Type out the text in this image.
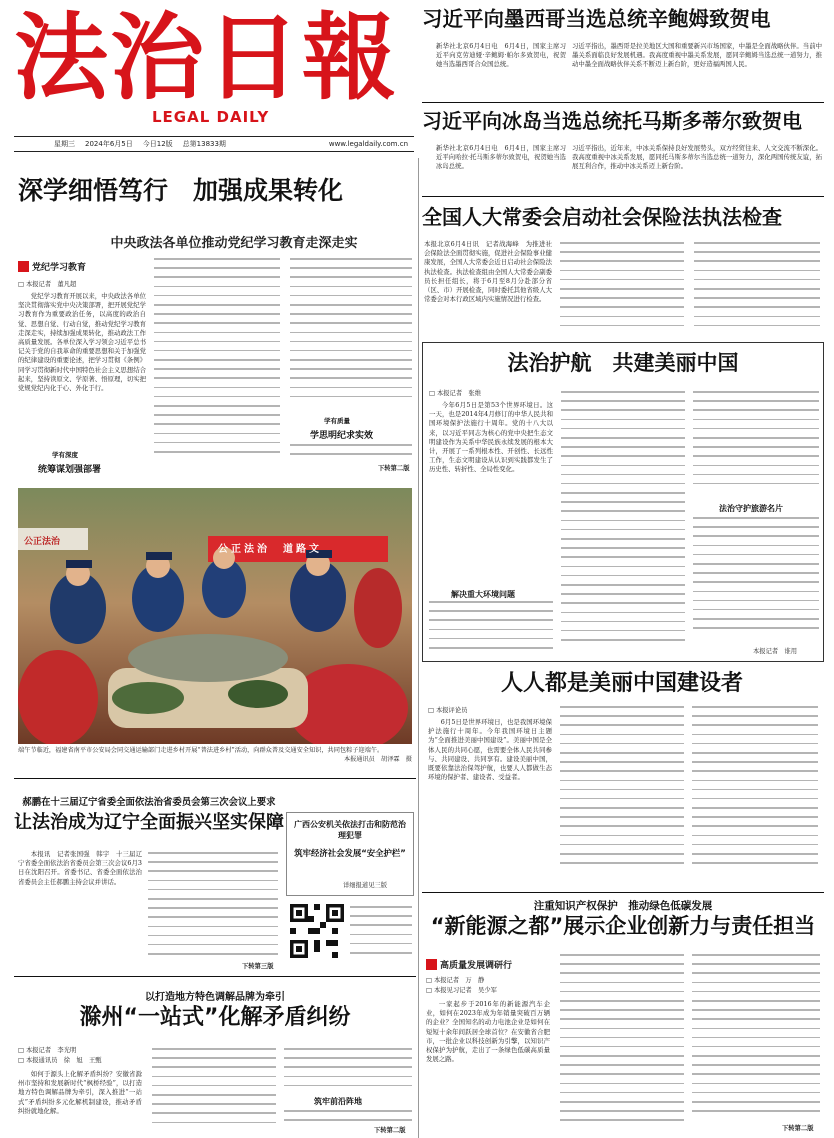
法治日報
LEGAL DAILY
星期三 2024年6月5日 今日12版 总第13833期	www.legaldaily.com.cn
习近平向墨西哥当选总统辛鲍姆致贺电
新华社北京6月4日电　6月4日，国家主席习近平向克劳迪娅·辛鲍姆·帕尔多致贺电，祝贺她当选墨西哥合众国总统。
习近平指出，墨西哥是拉美地区大国和重要新兴市场国家，中墨是全面战略伙伴。当前中墨关系面临良好发展机遇。我高度重视中墨关系发展，愿同辛鲍姆当选总统一道努力，推动中墨全面战略伙伴关系不断迈上新台阶，更好造福两国人民。
习近平向冰岛当选总统托马斯多蒂尔致贺电
新华社北京6月4日电　6月4日，国家主席习近平向哈拉·托马斯多蒂尔致贺电，祝贺她当选冰岛总统。
习近平指出，近年来，中冰关系保持良好发展势头，双方经贸往来、人文交流不断深化。我高度重视中冰关系发展，愿同托马斯多蒂尔当选总统一道努力，深化两国传统友谊，拓展互利合作，推动中冰关系迈上新台阶。
深学细悟笃行　加强成果转化
中央政法各单位推动党纪学习教育走深走实
党纪学习教育
□ 本报记者　董凡超

党纪学习教育开展以来，中央政法各单位坚决贯彻落实党中央决策部署，把开展党纪学习教育作为重要政治任务，以高度的政治自觉、思想自觉、行动自觉，推动党纪学习教育走深走实，持续加强成果转化，推动政法工作高质量发展。各单位深入学习领会习近平总书记关于党的自我革命的重要思想和关于加强党的纪律建设的重要论述，把学习贯彻《条例》同学习贯彻新时代中国特色社会主义思想结合起来，坚持读原文、学原著、悟原理，切实把党规党纪内化于心、外化于行。

学有深度
统筹谋划强部署
学有质量
学思明纪求实效
下转第二版
全国人大常委会启动社会保险法执法检查
本报北京6月4日讯　记者战海峰　为推进社会保险法全面贯彻实施，促进社会保险事业健康发展，全国人大常委会近日启动社会保险法执法检查。执法检查组由全国人大常委会副委员长担任组长，将于6月至8月分赴部分省（区、市）开展检查，同时委托其他省级人大常委会对本行政区域内实施情况进行检查。
法治护航　共建美丽中国
□ 本报记者　张维

今年6月5日是第53个世界环境日。这一天，也是2014年4月修订的中华人民共和国环境保护法施行十周年。党的十八大以来，以习近平同志为核心的党中央把生态文明建设作为关系中华民族永续发展的根本大计，开展了一系列根本性、开创性、长远性工作，生态文明建设从认识到实践都发生了历史性、转折性、全局性变化。

解决重大环境问题
法治守护旅游名片
本报记者　谁用
公正法治　道路文
公正法治
端午节临近，福建省南平市公安局会同交通运输部门走进乡村开展“普法进乡村”活动，向群众普及交通安全知识，共同包粽子迎端午。
本报通讯员　胡泽霖　摄
人人都是美丽中国建设者
□ 本报评论员

6月5日是世界环境日，也是我国环境保护法施行十周年。今年我国环境日主题为“全面推进美丽中国建设”。美丽中国是全体人民的共同心愿，也需要全体人民共同参与、共同建设、共同享有。建设美丽中国，既要依靠法治保驾护航，也要人人都做生态环境的保护者、建设者、受益者。

郝鹏在十三届辽宁省委全面依法治省委员会第三次会议上要求
让法治成为辽宁全面振兴坚实保障

本报讯　记者张国强　韩宇　十三届辽宁省委全面依法治省委员会第三次会议6月3日在沈阳召开。省委书记、省委全面依法治省委员会主任郝鹏主持会议并讲话。

下转第三版
广西公安机关依法打击和防范治理犯罪
筑牢经济社会发展“安全护栏”
详细报道见三版
以打造地方特色调解品牌为牵引
滁州“一站式”化解矛盾纠纷
□ 本报记者　李光明
□ 本报通讯员　徐　旭　王甄

如何于源头上化解矛盾纠纷？安徽省滁州市坚持和发展新时代“枫桥经验”，以打造地方特色调解品牌为牵引，深入推进“一站式”矛盾纠纷多元化解机制建设，推动矛盾纠纷就地化解。

筑牢前沿阵地
下转第二版
注重知识产权保护　推动绿色低碳发展
“新能源之都”展示企业创新力与责任担当
高质量发展调研行
□ 本报记者　万　静
□ 本报见习记者　吴少军

一家起步于2016年的新能源汽车企业，如何在2023年成为年销量突破百万辆的企业？全国知名的动力电池企业是如何在短短十余年间跃居全球首位？在安徽省合肥市，一批企业以科技创新为引擎，以知识产权保护为护航，走出了一条绿色低碳高质量发展之路。

下转第二版
